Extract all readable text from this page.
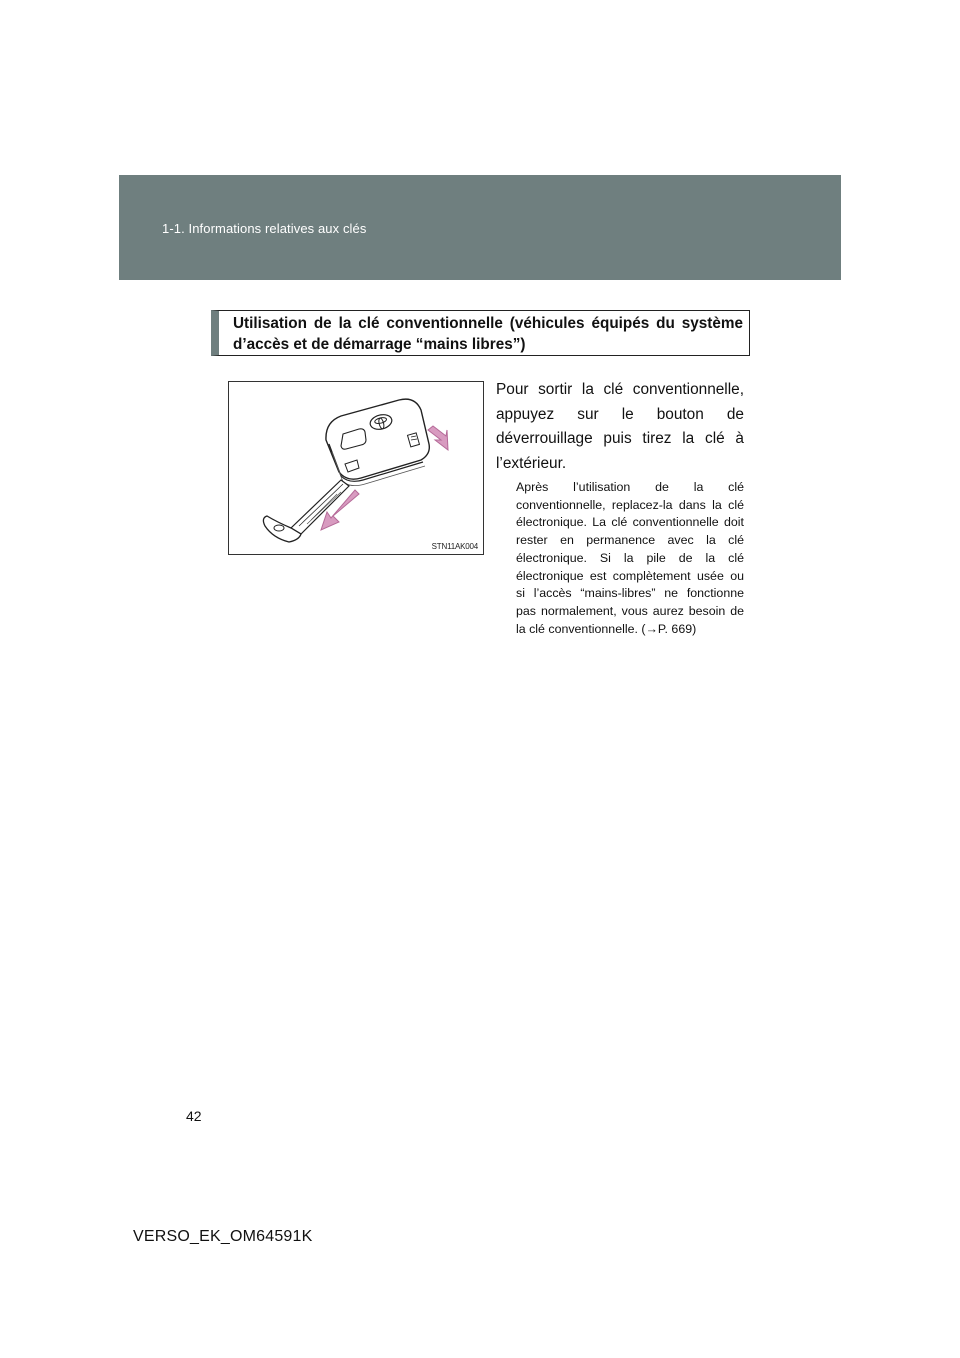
1-1. Informations relatives aux clés
Utilisation de la clé conventionnelle (véhicules équipés du système d’accès et de démarrage “mains libres”)
STN11AK004
Pour sortir la clé conventionnelle, appuyez sur le bouton de déverrouillage puis tirez la clé à l’extérieur.
Après l’utilisation de la clé conventionnelle, replacez-la dans la clé électronique. La clé conventionnelle doit rester en permanence avec la clé électronique. Si la pile de la clé électronique est complètement usée ou si l’accès “mains-libres” ne fonctionne pas normalement, vous aurez besoin de la clé conventionnelle. (→P. 669)
42
VERSO_EK_OM64591K
